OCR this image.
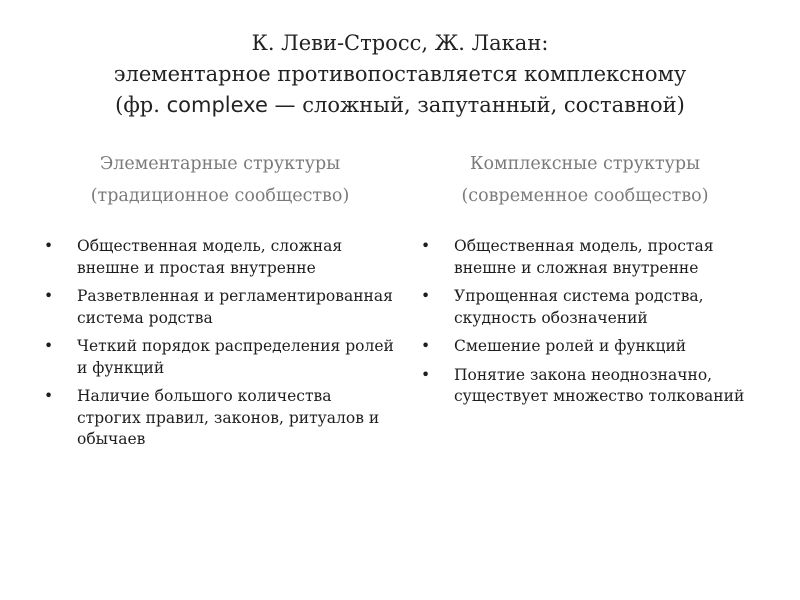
К. Леви-Стросс, Ж. Лакан:
элементарное противопоставляется комплексному
(фр. complexe — сложный, запутанный, составной)
Элементарные структуры
(традиционное сообщество)
Комплексные структуры
(современное сообщество)
• Общественная модель, сложная внешне и простая внутренне
• Разветвленная и регламентированная система родства
• Четкий порядок распределения ролей и функций
• Наличие большого количества строгих правил, законов, ритуалов и обычаев
• Общественная модель, простая внешне и сложная внутренне
• Упрощенная система родства, скудность обозначений
• Смешение ролей и функций
• Понятие закона неоднозначно, существует множество толкований
